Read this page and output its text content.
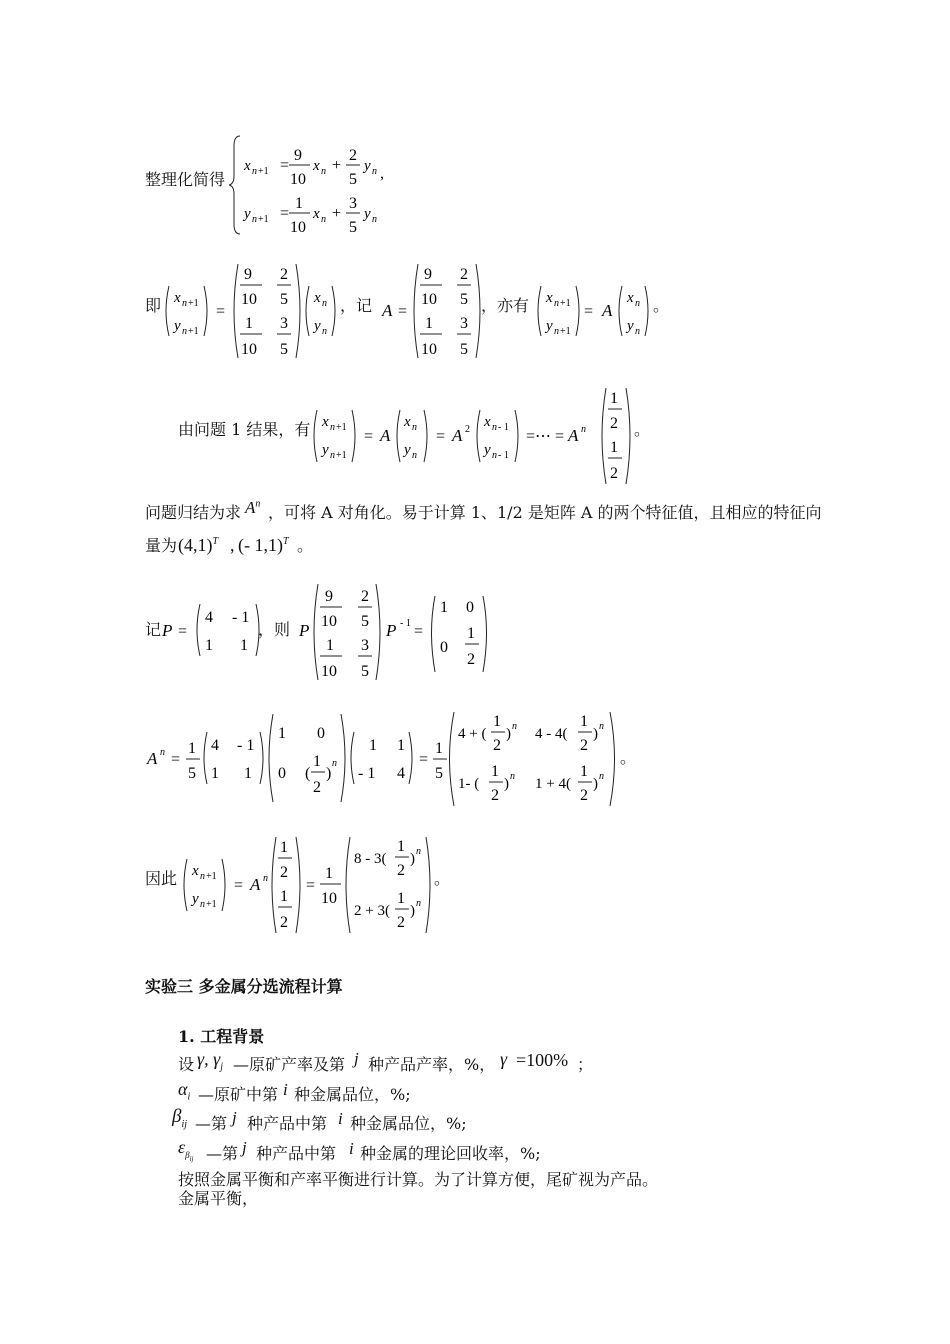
整理化简得
x n +1 =
9
10
x n +
2
5
y n ,
y n +1 =
1
10
x n +
3
5
y n
即 x n +1
y n +1
=
9
10
2
5
1
10
3
5
x n
y n
A =
9
10
2
5
1
10
3
5
x n +1
y n +1
= A
x n
y n
，记	，亦有	。
由问题 1 结果，有 x n +1
y n +1
= A
x n
y n
= A 2 x n - 1
y n - 1
=⋯ = A n
1
2
1
2
。
问题归结为求 $A^n$ ，可将 A 对角化。易于计算 1、1/2 是矩阵 A 的两个特征值，且相应的特征向
量为 $(4,1)^T$ , (- 1,1)$^T$ 。
记 P =
4 - 1
1 1
P
9
10
2
5
1
10
3
5
P - 1 =
1 0
0
1
2
，则
A n =
1
5
4 - 1
1 1
1 0
0 (
1
2
)
n
1 1
- 1 4
=
1
5
4 + (
1
2
) n 4 - 4(
1
2
) n
1- (
1
2
) n 1 + 4(
1
2
) n
。
因此 x n +1
y n +1
= A n
1
2
1
2
=
1
10
8 - 3(
1
2
) n
2 + 3(
1
2
) n
。
实验三 多金属分选流程计算
1. 工程背景
设 γ, $\gamma_j$ —原矿产率及第 j 种产品产率，%， γ =100% ；
$\alpha_i$ —原矿中第 i 种金属品位，%;
$\beta_{ij}$ —第 j 种产品中第 i 种金属品位，%;
$\varepsilon_{\beta_{ij}}$ —第 j 种产品中第 i 种金属的理论回收率，%;
按照金属平衡和产率平衡进行计算。为了计算方便，尾矿视为产品。
金属平衡，
